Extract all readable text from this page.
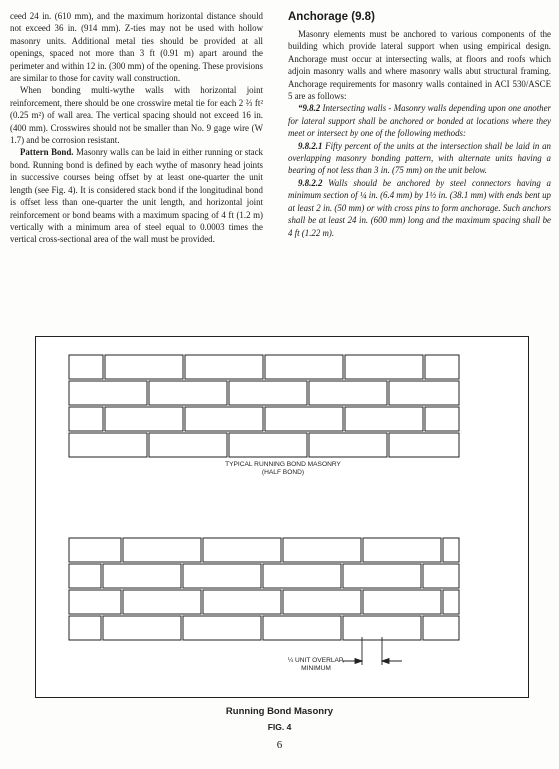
ceed 24 in. (610 mm), and the maximum horizontal distance should not exceed 36 in. (914 mm). Z-ties may not be used with hollow masonry units. Additional metal ties should be provided at all openings, spaced not more than 3 ft (0.91 m) apart around the perimeter and within 12 in. (300 mm) of the opening. These provisions are similar to those for cavity wall construction.

When bonding multi-wythe walls with horizontal joint reinforcement, there should be one crosswire metal tie for each 2 ⅔ ft² (0.25 m²) of wall area. The vertical spacing should not exceed 16 in. (400 mm). Crosswires should not be smaller than No. 9 gage wire (W 1.7) and be corrosion resistant.

Pattern Bond. Masonry walls can be laid in either running or stack bond. Running bond is defined by each wythe of masonry head joints in successive courses being offset by at least one-quarter the unit length (see Fig. 4). It is considered stack bond if the longitudinal bond is offset less than one-quarter the unit length, and horizontal joint reinforcement or bond beams with a maximum spacing of 4 ft (1.2 m) vertically with a minimum area of steel equal to 0.0003 times the vertical cross-sectional area of the wall must be provided.

Anchorage (9.8)

Masonry elements must be anchored to various components of the building which provide lateral support when using empirical design. Anchorage must occur at intersecting walls, at floors and roofs which adjoin masonry walls and where masonry walls abut structural framing. Anchorage requirements for masonry walls contained in ACI 530/ASCE 5 are as follows:

“9.8.2 Intersecting walls - Masonry walls depending upon one another for lateral support shall be anchored or bonded at locations where they meet or intersect by one of the following methods:

9.8.2.1 Fifty percent of the units at the intersection shall be laid in an overlapping masonry bonding pattern, with alternate units having a bearing of not less than 3 in. (75 mm) on the unit below.

9.8.2.2 Walls should be anchored by steel connectors having a minimum section of ¼ in. (6.4 mm) by 1½ in. (38.1 mm) with ends bent up at least 2 in. (50 mm) or with cross pins to form anchorage. Such anchors shall be at least 24 in. (600 mm) long and the maximum spacing shall be 4 ft (1.22 m).

TYPICAL RUNNING BOND MASONRY
(HALF BOND)
¼ UNIT OVERLAP,
MINIMUM
Running Bond Masonry
FIG. 4
6
